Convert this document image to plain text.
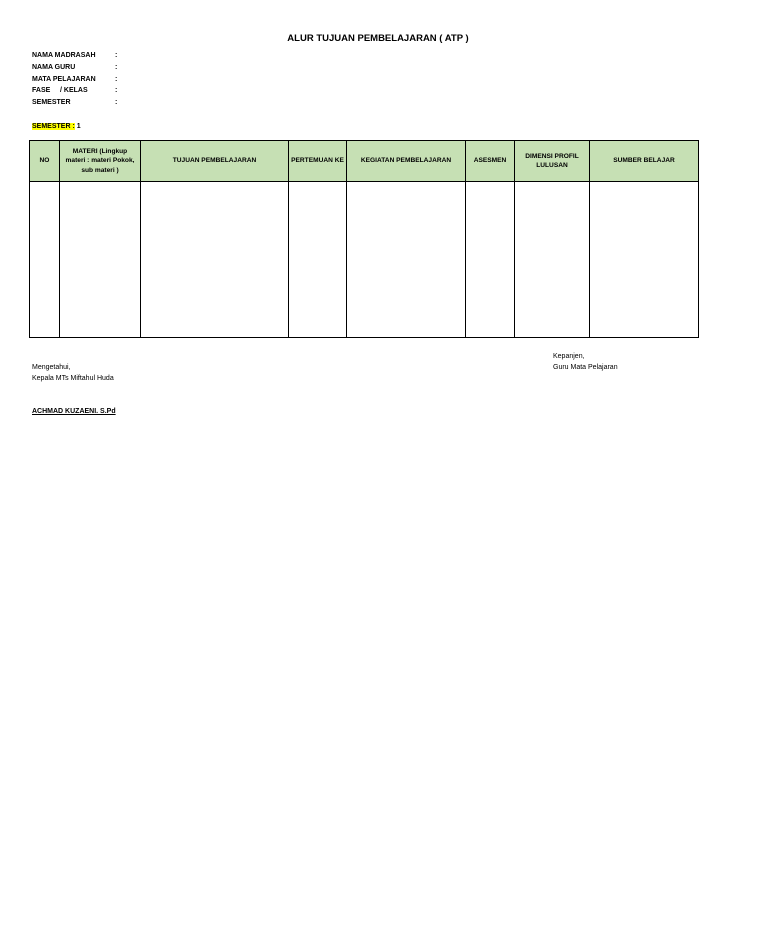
ALUR TUJUAN PEMBELAJARAN ( ATP )
NAMA MADRASAH	:
NAMA GURU	:
MATA PELAJARAN	:
FASE     / KELAS	:
SEMESTER	:
SEMESTER : 1
NO	MATERI (Lingkup materi : materi Pokok, sub materi )	TUJUAN PEMBELAJARAN	PERTEMUAN KE	KEGIATAN PEMBELAJARAN	ASESMEN	DIMENSI PROFIL LULUSAN	SUMBER BELAJAR

Kepanjen,
Guru Mata Pelajaran
Mengetahui,
Kepala MTs Miftahul Huda
ACHMAD KUZAENI. S.Pd
